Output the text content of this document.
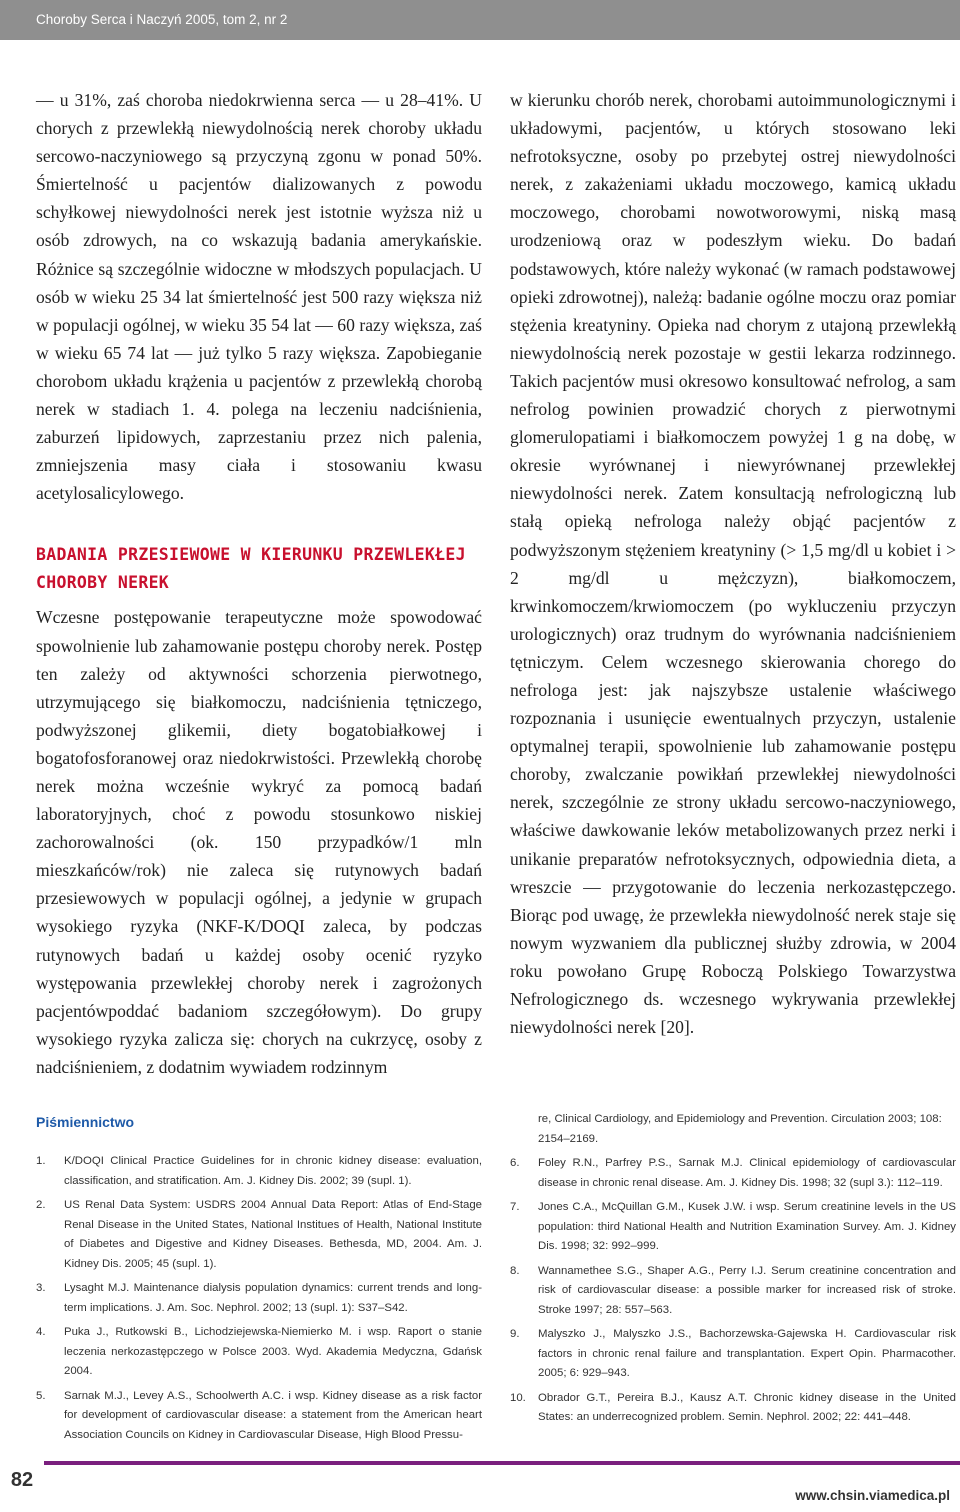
Choroby Serca i Naczyń 2005, tom 2, nr 2

— u 31%, zaś choroba niedokrwienna serca — u 28–41%. U chorych z przewlekłą niewydolnością nerek choroby układu sercowo-naczyniowego są przyczyną zgonu w ponad 50%. Śmiertelność u pacjentów dializowanych z powodu schyłkowej niewydolności nerek jest istotnie wyższa niż u osób zdrowych, na co wskazują badania amerykańskie. Różnice są szczególnie widoczne w młodszych populacjach. U osób w wieku 25 34 lat śmiertelność jest 500 razy większa niż w populacji ogólnej, w wieku 35 54 lat — 60 razy większa, zaś w wieku 65 74 lat — już tylko 5 razy większa. Zapobieganie chorobom układu krążenia u pacjentów z przewlekłą chorobą nerek w stadiach 1. 4. polega na leczeniu nadciśnienia, zaburzeń lipidowych, zaprzestaniu przez nich palenia, zmniejszenia masy ciała i stosowaniu kwasu acetylosalicylowego.

BADANIA PRZESIEWOWE W KIERUNKU PRZEWLEKŁEJ CHOROBY NEREK

Wczesne postępowanie terapeutyczne może spowodować spowolnienie lub zahamowanie postępu choroby nerek. Postęp ten zależy od aktywności schorzenia pierwotnego, utrzymującego się białkomoczu, nadciśnienia tętniczego, podwyższonej glikemii, diety bogatobiałkowej i bogatofosforanowej oraz niedokrwistości. Przewlekłą chorobę nerek można wcześnie wykryć za pomocą badań laboratoryjnych, choć z powodu stosunkowo niskiej zachorowalności (ok. 150 przypadków/1 mln mieszkańców/rok) nie zaleca się rutynowych badań przesiewowych w populacji ogólnej, a jedynie w grupach wysokiego ryzyka (NKF-K/DOQI zaleca, by podczas rutynowych badań u każdej osoby ocenić ryzyko występowania przewlekłej choroby nerek i zagrożonych pacjentówpoddać badaniom szczegółowym). Do grupy wysokiego ryzyka zalicza się: chorych na cukrzycę, osoby z nadciśnieniem, z dodatnim wywiadem rodzinnym

w kierunku chorób nerek, chorobami autoimmunologicznymi i układowymi, pacjentów, u których stosowano leki nefrotoksyczne, osoby po przebytej ostrej niewydolności nerek, z zakażeniami układu moczowego, kamicą układu moczowego, chorobami nowotworowymi, niską masą urodzeniową oraz w podeszłym wieku. Do badań podstawowych, które należy wykonać (w ramach podstawowej opieki zdrowotnej), należą: badanie ogólne moczu oraz pomiar stężenia kreatyniny. Opieka nad chorym z utajoną przewlekłą niewydolnością nerek pozostaje w gestii lekarza rodzinnego. Takich pacjentów musi okresowo konsultować nefrolog, a sam nefrolog powinien prowadzić chorych z pierwotnymi glomerulopatiami i białkomoczem powyżej 1 g na dobę, w okresie wyrównanej i niewyrównanej przewlekłej niewydolności nerek. Zatem konsultacją nefrologiczną lub stałą opieką nefrologa należy objąć pacjentów z podwyższonym stężeniem kreatyniny (> 1,5 mg/dl u kobiet i > 2 mg/dl u mężczyzn), białkomoczem, krwinkomoczem/krwiomoczem (po wykluczeniu przyczyn urologicznych) oraz trudnym do wyrównania nadciśnieniem tętniczym. Celem wczesnego skierowania chorego do nefrologa jest: jak najszybsze ustalenie właściwego rozpoznania i usunięcie ewentualnych przyczyn, ustalenie optymalnej terapii, spowolnienie lub zahamowanie postępu choroby, zwalczanie powikłań przewlekłej niewydolności nerek, szczególnie ze strony układu sercowo-naczyniowego, właściwe dawkowanie leków metabolizowanych przez nerki i unikanie preparatów nefrotoksycznych, odpowiednia dieta, a wreszcie — przygotowanie do leczenia nerkozastępczego. Biorąc pod uwagę, że przewlekła niewydolność nerek staje się nowym wyzwaniem dla publicznej służby zdrowia, w 2004 roku powołano Grupę Roboczą Polskiego Towarzystwa Nefrologicznego ds. wczesnego wykrywania przewlekłej niewydolności nerek [20].

Piśmiennictwo
1. K/DOQI Clinical Practice Guidelines for in chronic kidney disease: evaluation, classification, and stratification. Am. J. Kidney Dis. 2002; 39 (supl. 1).
2. US Renal Data System: USDRS 2004 Annual Data Report: Atlas of End-Stage Renal Disease in the United States, National Institues of Health, National Institute of Diabetes and Digestive and Kidney Diseases. Bethesda, MD, 2004. Am. J. Kidney Dis. 2005; 45 (supl. 1).
3. Lysaght M.J. Maintenance dialysis population dynamics: current trends and long-term implications. J. Am. Soc. Nephrol. 2002; 13 (supl. 1): S37–S42.
4. Puka J., Rutkowski B., Lichodziejewska-Niemierko M. i wsp. Raport o stanie leczenia nerkozastępczego w Polsce 2003. Wyd. Akademia Medyczna, Gdańsk 2004.
5. Sarnak M.J., Levey A.S., Schoolwerth A.C. i wsp. Kidney disease as a risk factor for development of cardiovascular disease: a statement from the American heart Association Councils on Kidney in Cardiovascular Disease, High Blood Pressu-
re, Clinical Cardiology, and Epidemiology and Prevention. Circulation 2003; 108: 2154–2169.
6. Foley R.N., Parfrey P.S., Sarnak M.J. Clinical epidemiology of cardiovascular disease in chronic renal disease. Am. J. Kidney Dis. 1998; 32 (supl 3.): 112–119.
7. Jones C.A., McQuillan G.M., Kusek J.W. i wsp. Serum creatinine levels in the US population: third National Health and Nutrition Examination Survey. Am. J. Kidney Dis. 1998; 32: 992–999.
8. Wannamethee S.G., Shaper A.G., Perry I.J. Serum creatinine concentration and risk of cardiovascular disease: a possible marker for increased risk of stroke. Stroke 1997; 28: 557–563.
9. Malyszko J., Malyszko J.S., Bachorzewska-Gajewska H. Cardiovascular risk factors in chronic renal failure and transplantation. Expert Opin. Pharmacother. 2005; 6: 929–943.
10. Obrador G.T., Pereira B.J., Kausz A.T. Chronic kidney disease in the United States: an underrecognized problem. Semin. Nephrol. 2002; 22: 441–448.
82
www.chsin.viamedica.pl
